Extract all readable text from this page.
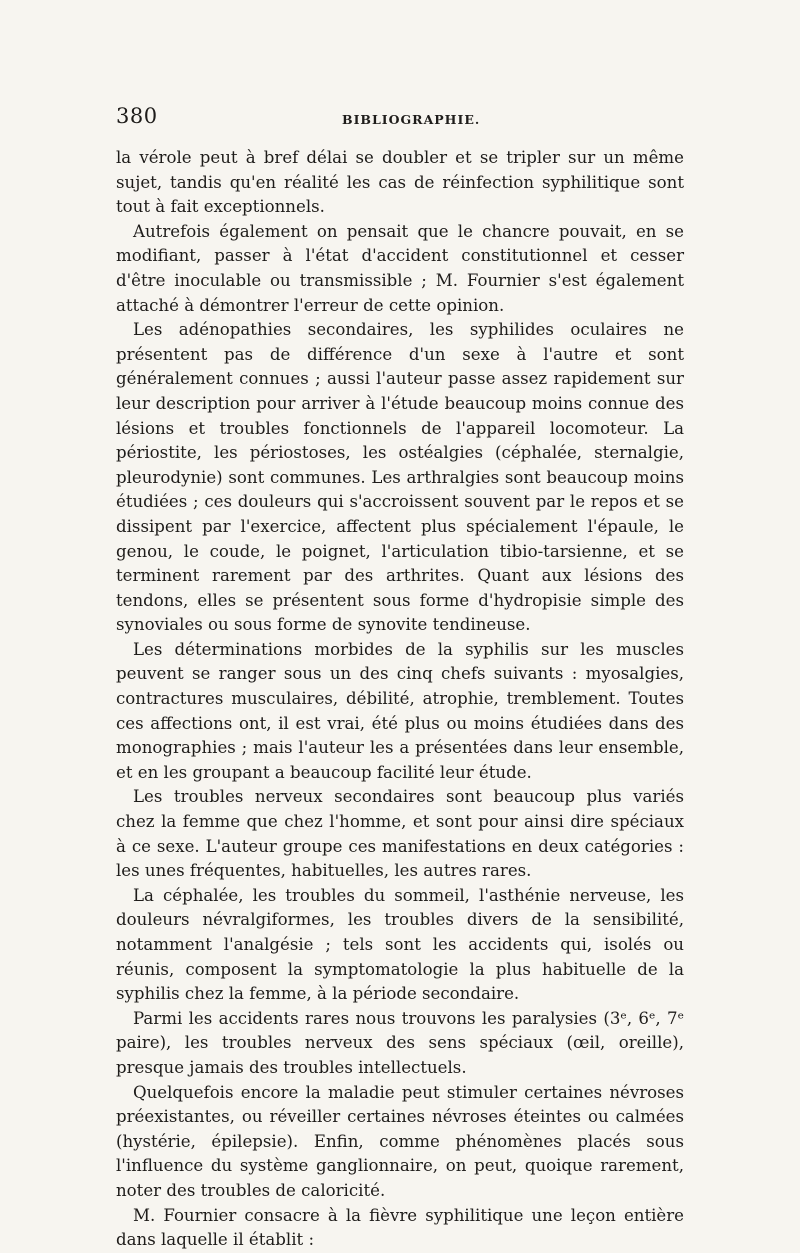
380	BIBLIOGRAPHIE.

la vérole peut à bref délai se doubler et se tripler sur un même sujet, tandis qu'en réalité les cas de réinfection syphilitique sont tout à fait exceptionnels.

Autrefois également on pensait que le chancre pouvait, en se modifiant, passer à l'état d'accident constitutionnel et cesser d'être inoculable ou transmissible ; M. Fournier s'est également attaché à démontrer l'erreur de cette opinion.

Les adénopathies secondaires, les syphilides oculaires ne présentent pas de différence d'un sexe à l'autre et sont généralement connues ; aussi l'auteur passe assez rapidement sur leur description pour arriver à l'étude beaucoup moins connue des lésions et troubles fonctionnels de l'appareil locomoteur. La périostite, les périostoses, les ostéalgies (céphalée, sternalgie, pleurodynie) sont communes. Les arthralgies sont beaucoup moins étudiées ; ces douleurs qui s'accroissent souvent par le repos et se dissipent par l'exercice, affectent plus spécialement l'épaule, le genou, le coude, le poignet, l'articulation tibio-tarsienne, et se terminent rarement par des arthrites. Quant aux lésions des tendons, elles se présentent sous forme d'hydropisie simple des synoviales ou sous forme de synovite tendineuse.

Les déterminations morbides de la syphilis sur les muscles peuvent se ranger sous un des cinq chefs suivants : myosalgies, contractures musculaires, débilité, atrophie, tremblement. Toutes ces affections ont, il est vrai, été plus ou moins étudiées dans des monographies ; mais l'auteur les a présentées dans leur ensemble, et en les groupant a beaucoup facilité leur étude.

Les troubles nerveux secondaires sont beaucoup plus variés chez la femme que chez l'homme, et sont pour ainsi dire spéciaux à ce sexe. L'auteur groupe ces manifestations en deux catégories : les unes fréquentes, habituelles, les autres rares.

La céphalée, les troubles du sommeil, l'asthénie nerveuse, les douleurs névralgiformes, les troubles divers de la sensibilité, notamment l'analgésie ; tels sont les accidents qui, isolés ou réunis, composent la symptomatologie la plus habituelle de la syphilis chez la femme, à la période secondaire.

Parmi les accidents rares nous trouvons les paralysies (3ᵉ, 6ᵉ, 7ᵉ paire), les troubles nerveux des sens spéciaux (œil, oreille), presque jamais des troubles intellectuels.

Quelquefois encore la maladie peut stimuler certaines névroses préexistantes, ou réveiller certaines névroses éteintes ou calmées (hystérie, épilepsie). Enfin, comme phénomènes placés sous l'influence du système ganglionnaire, on peut, quoique rarement, noter des troubles de caloricité.

M. Fournier consacre à la fièvre syphilitique une leçon entière dans laquelle il établit :
